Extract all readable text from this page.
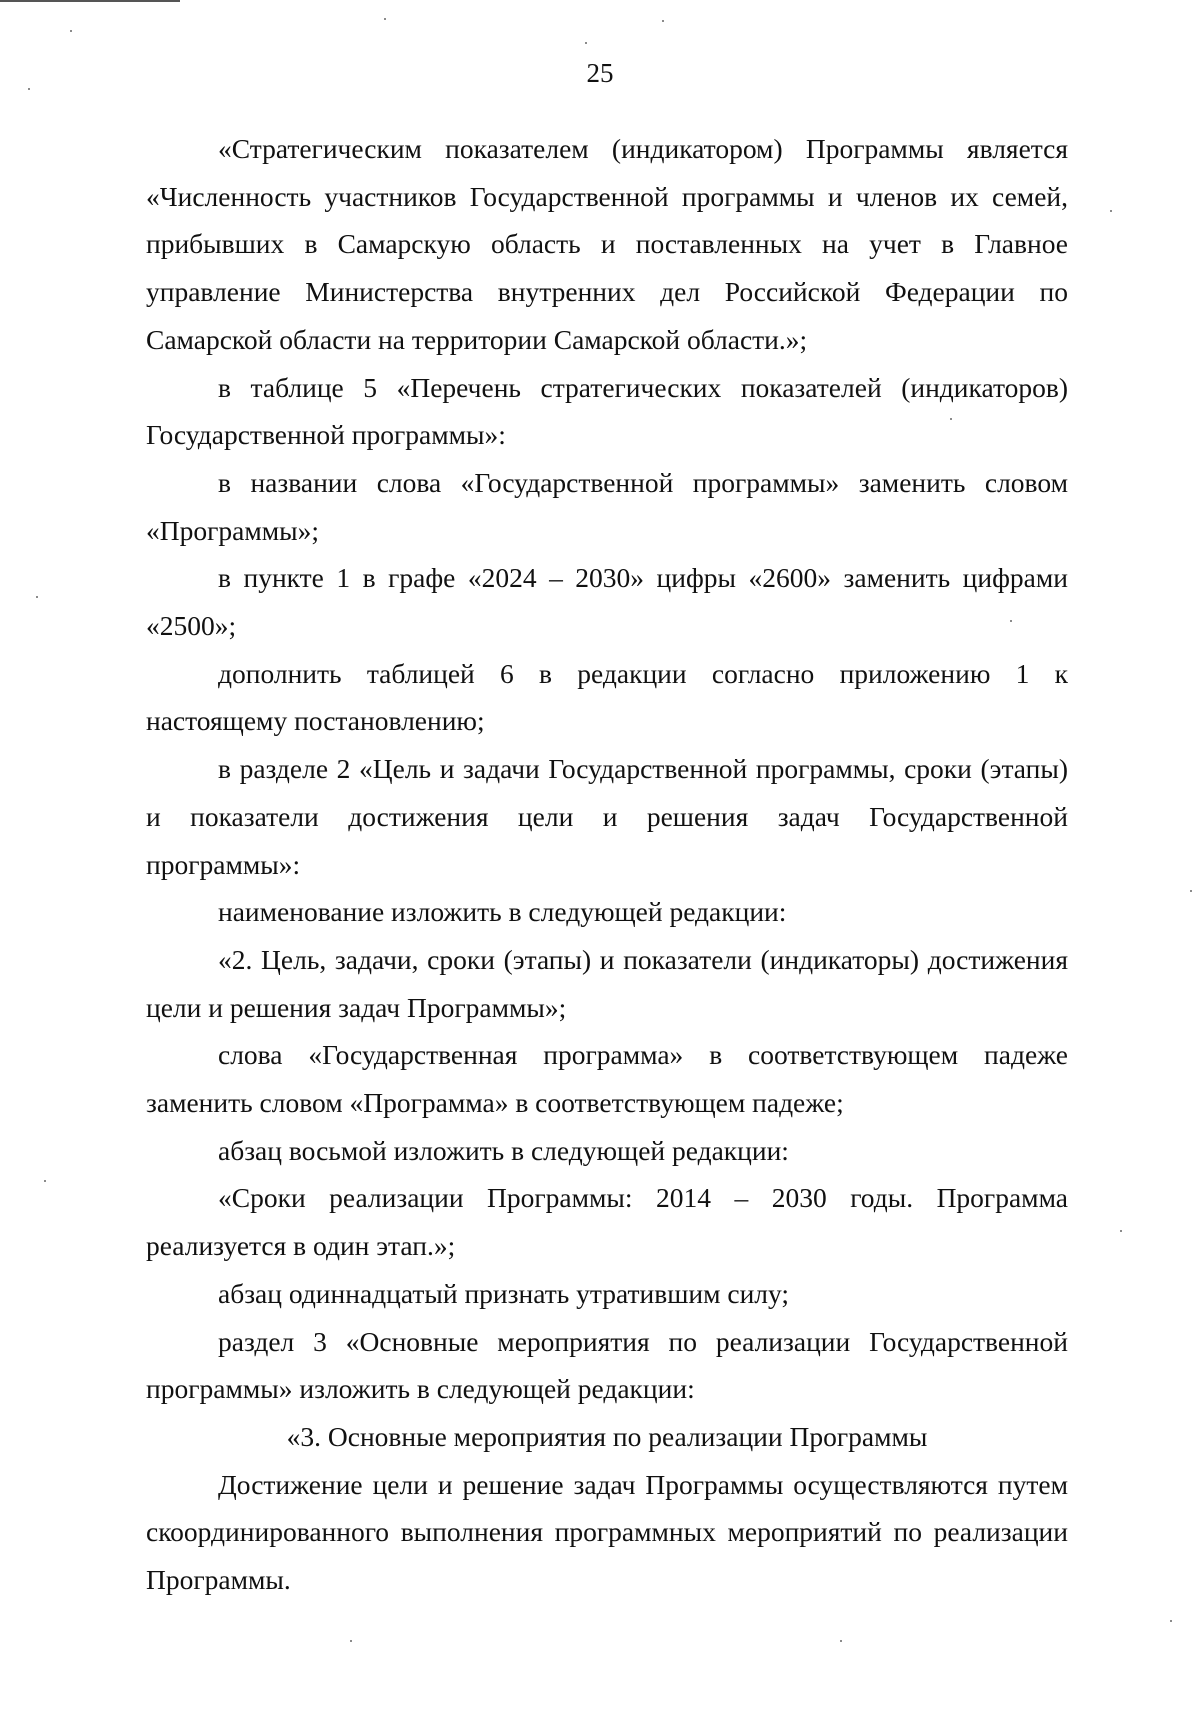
25

«Стратегическим показателем (индикатором) Программы является «Численность участников Государственной программы и членов их семей, прибывших в Самарскую область и поставленных на учет в Главное управление Министерства внутренних дел Российской Федерации по Самарской области на территории Самарской области.»;

в таблице 5 «Перечень стратегических показателей (индикаторов) Государственной программы»:

в названии слова «Государственной программы» заменить словом «Программы»;

в пункте 1 в графе «2024 – 2030» цифры «2600» заменить цифрами «2500»;

дополнить таблицей 6 в редакции согласно приложению 1 к настоящему постановлению;

в разделе 2 «Цель и задачи Государственной программы, сроки (этапы) и показатели достижения цели и решения задач Государственной программы»:

наименование изложить в следующей редакции:

«2. Цель, задачи, сроки (этапы) и показатели (индикаторы) достижения цели и решения задач Программы»;

слова «Государственная программа» в соответствующем падеже заменить словом «Программа» в соответствующем падеже;

абзац восьмой изложить в следующей редакции:

«Сроки реализации Программы: 2014 – 2030 годы. Программа реализуется в один этап.»;

абзац одиннадцатый признать утратившим силу;

раздел 3 «Основные мероприятия по реализации Государственной программы» изложить в следующей редакции:

«3. Основные мероприятия по реализации Программы

Достижение цели и решение задач Программы осуществляются путем скоординированного выполнения программных мероприятий по реализации Программы.
